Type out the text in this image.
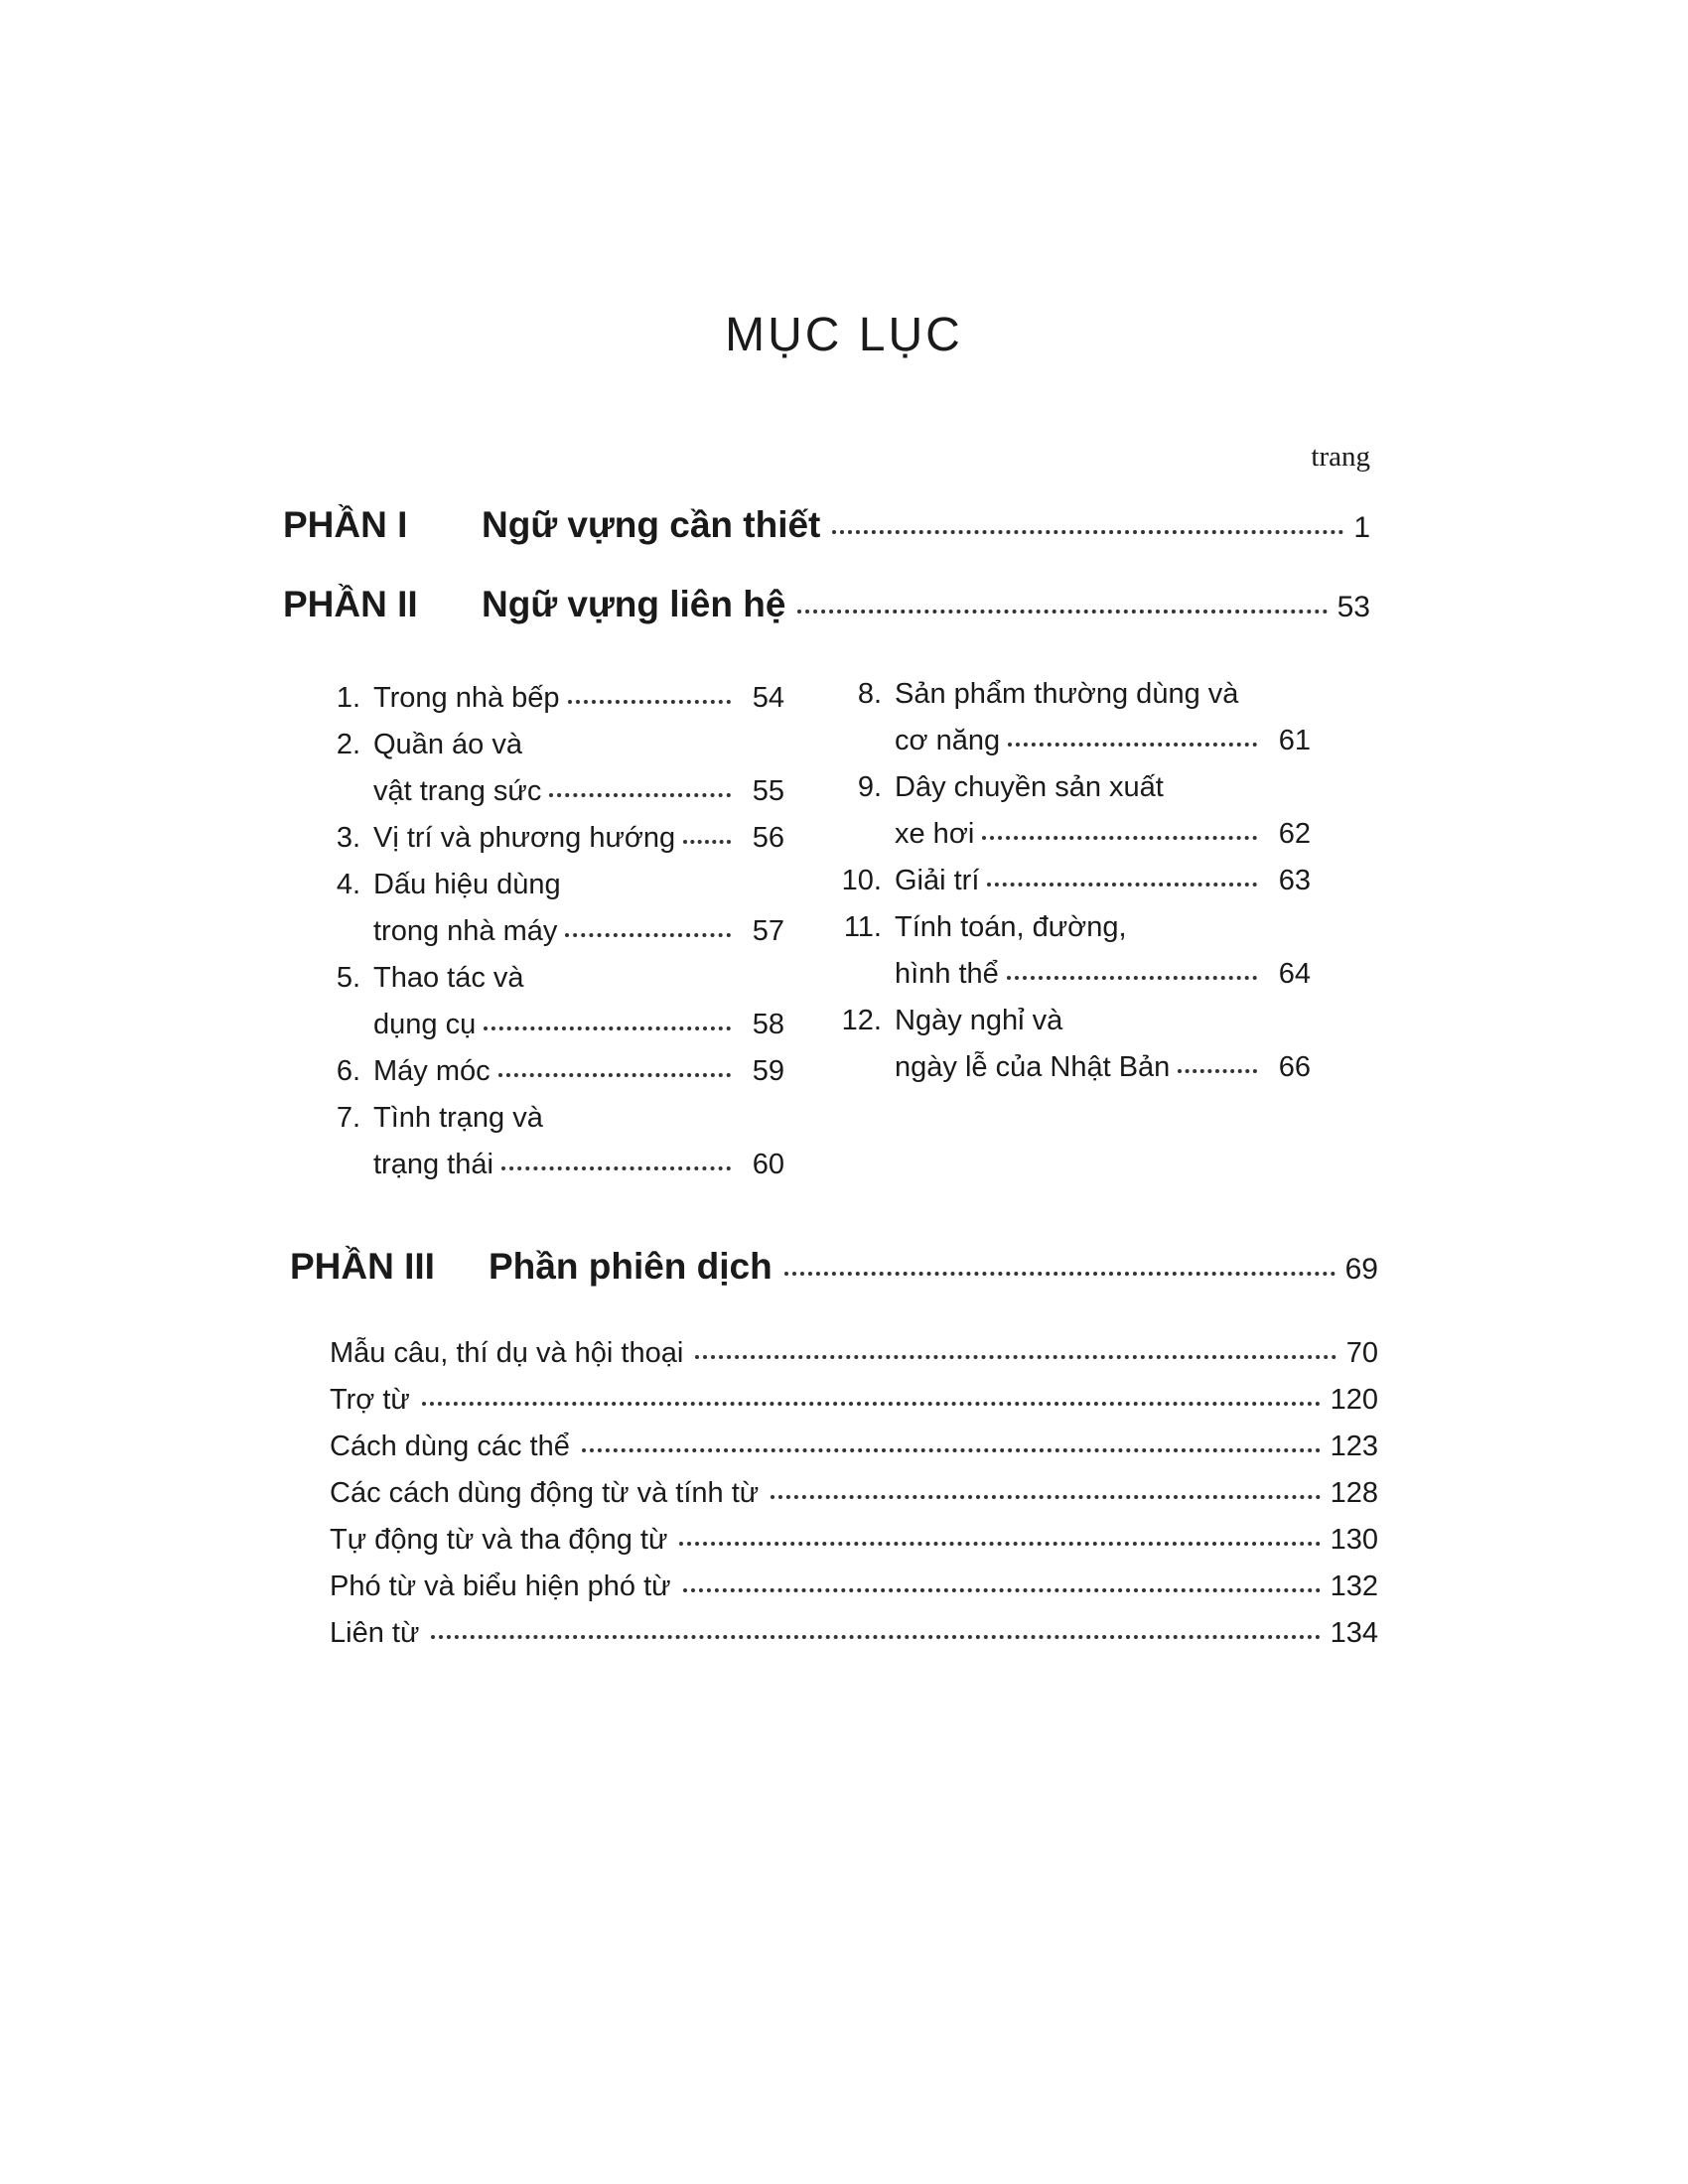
MỤC LỤC
trang
PHẦN I	Ngữ vựng cần thiết	1
PHẦN II	Ngữ vựng liên hệ	53
1. Trong nhà bếp	54
2. Quần áo và
vật trang sức	55
3. Vị trí và phương hướng	56
4. Dấu hiệu dùng
trong nhà máy	57
5. Thao tác và
dụng cụ	58
6. Máy móc	59
7. Tình trạng và
trạng thái	60
8. Sản phẩm thường dùng và
cơ năng	61
9. Dây chuyền sản xuất
xe hơi	62
10. Giải trí	63
11. Tính toán, đường,
hình thể	64
12. Ngày nghỉ và
ngày lễ của Nhật Bản	66
PHẦN III	Phần phiên dịch	69
Mẫu câu, thí dụ và hội thoại	70
Trợ từ	120
Cách dùng các thể	123
Các cách dùng động từ và tính từ	128
Tự động từ và tha động từ	130
Phó từ và biểu hiện phó từ	132
Liên từ	134
